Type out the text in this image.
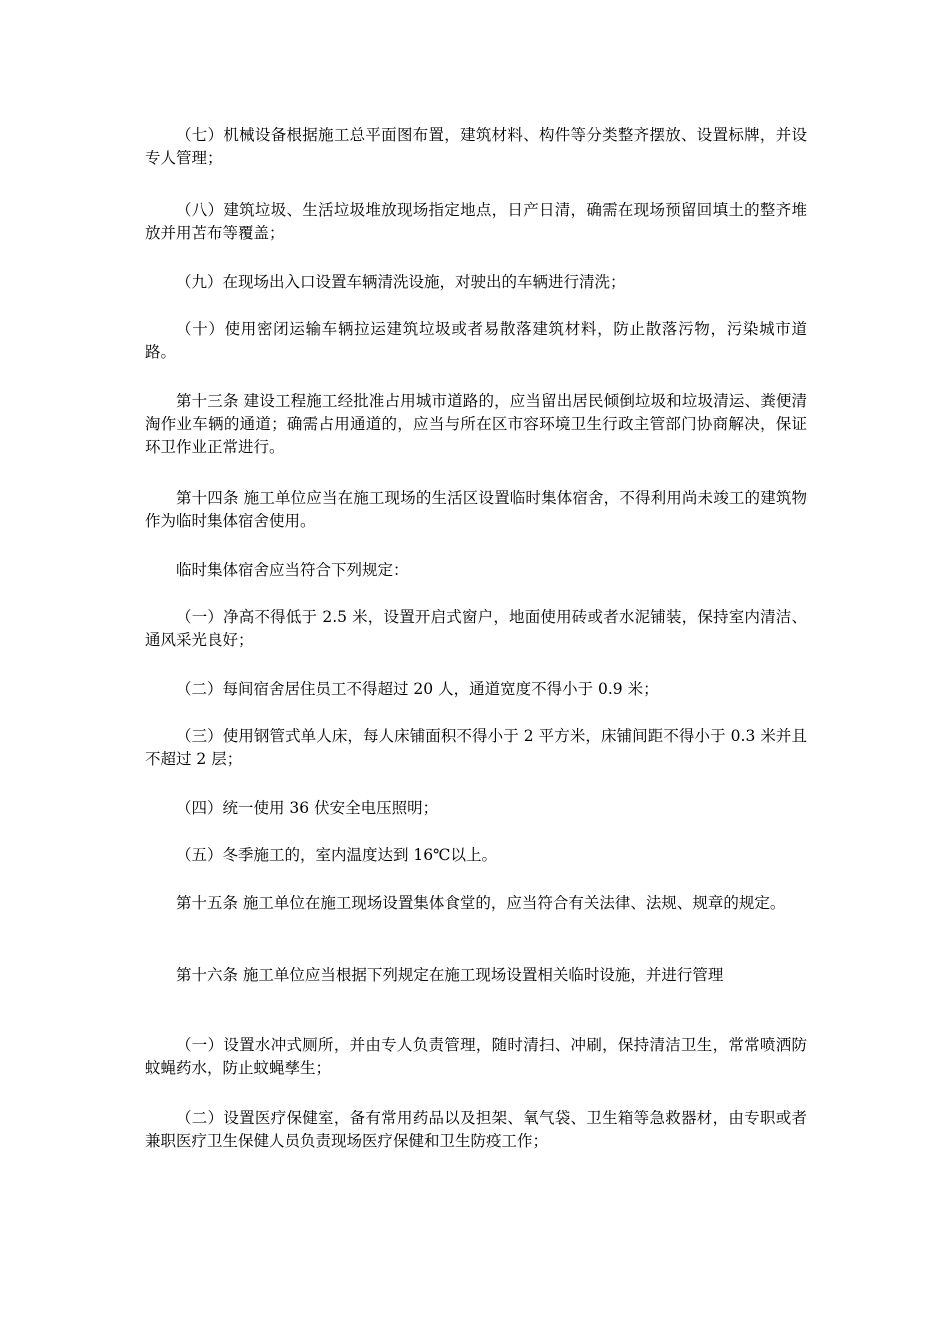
（七）机械设备根据施工总平面图布置，建筑材料、构件等分类整齐摆放、设置标牌，并设专人管理；

（八）建筑垃圾、生活垃圾堆放现场指定地点，日产日清，确需在现场预留回填土的整齐堆放并用苫布等覆盖；

（九）在现场出入口设置车辆清洗设施，对驶出的车辆进行清洗；

（十）使用密闭运输车辆拉运建筑垃圾或者易散落建筑材料，防止散落污物，污染城市道路。

第十三条 建设工程施工经批准占用城市道路的，应当留出居民倾倒垃圾和垃圾清运、粪便清淘作业车辆的通道；确需占用通道的，应当与所在区市容环境卫生行政主管部门协商解决，保证环卫作业正常进行。

第十四条 施工单位应当在施工现场的生活区设置临时集体宿舍，不得利用尚未竣工的建筑物作为临时集体宿舍使用。

临时集体宿舍应当符合下列规定：

（一）净高不得低于 2.5 米，设置开启式窗户，地面使用砖或者水泥铺装，保持室内清洁、通风采光良好；

（二）每间宿舍居住员工不得超过 20 人，通道宽度不得小于 0.9 米；

（三）使用钢管式单人床，每人床铺面积不得小于 2 平方米，床铺间距不得小于 0.3 米并且不超过 2 层；

（四）统一使用 36 伏安全电压照明；

（五）冬季施工的，室内温度达到 16℃以上。

第十五条 施工单位在施工现场设置集体食堂的，应当符合有关法律、法规、规章的规定。

第十六条 施工单位应当根据下列规定在施工现场设置相关临时设施，并进行管理

（一）设置水冲式厕所，并由专人负责管理，随时清扫、冲刷，保持清洁卫生，常常喷洒防蚊蝇药水，防止蚊蝇孳生；

（二）设置医疗保健室，备有常用药品以及担架、氧气袋、卫生箱等急救器材，由专职或者兼职医疗卫生保健人员负责现场医疗保健和卫生防疫工作；
